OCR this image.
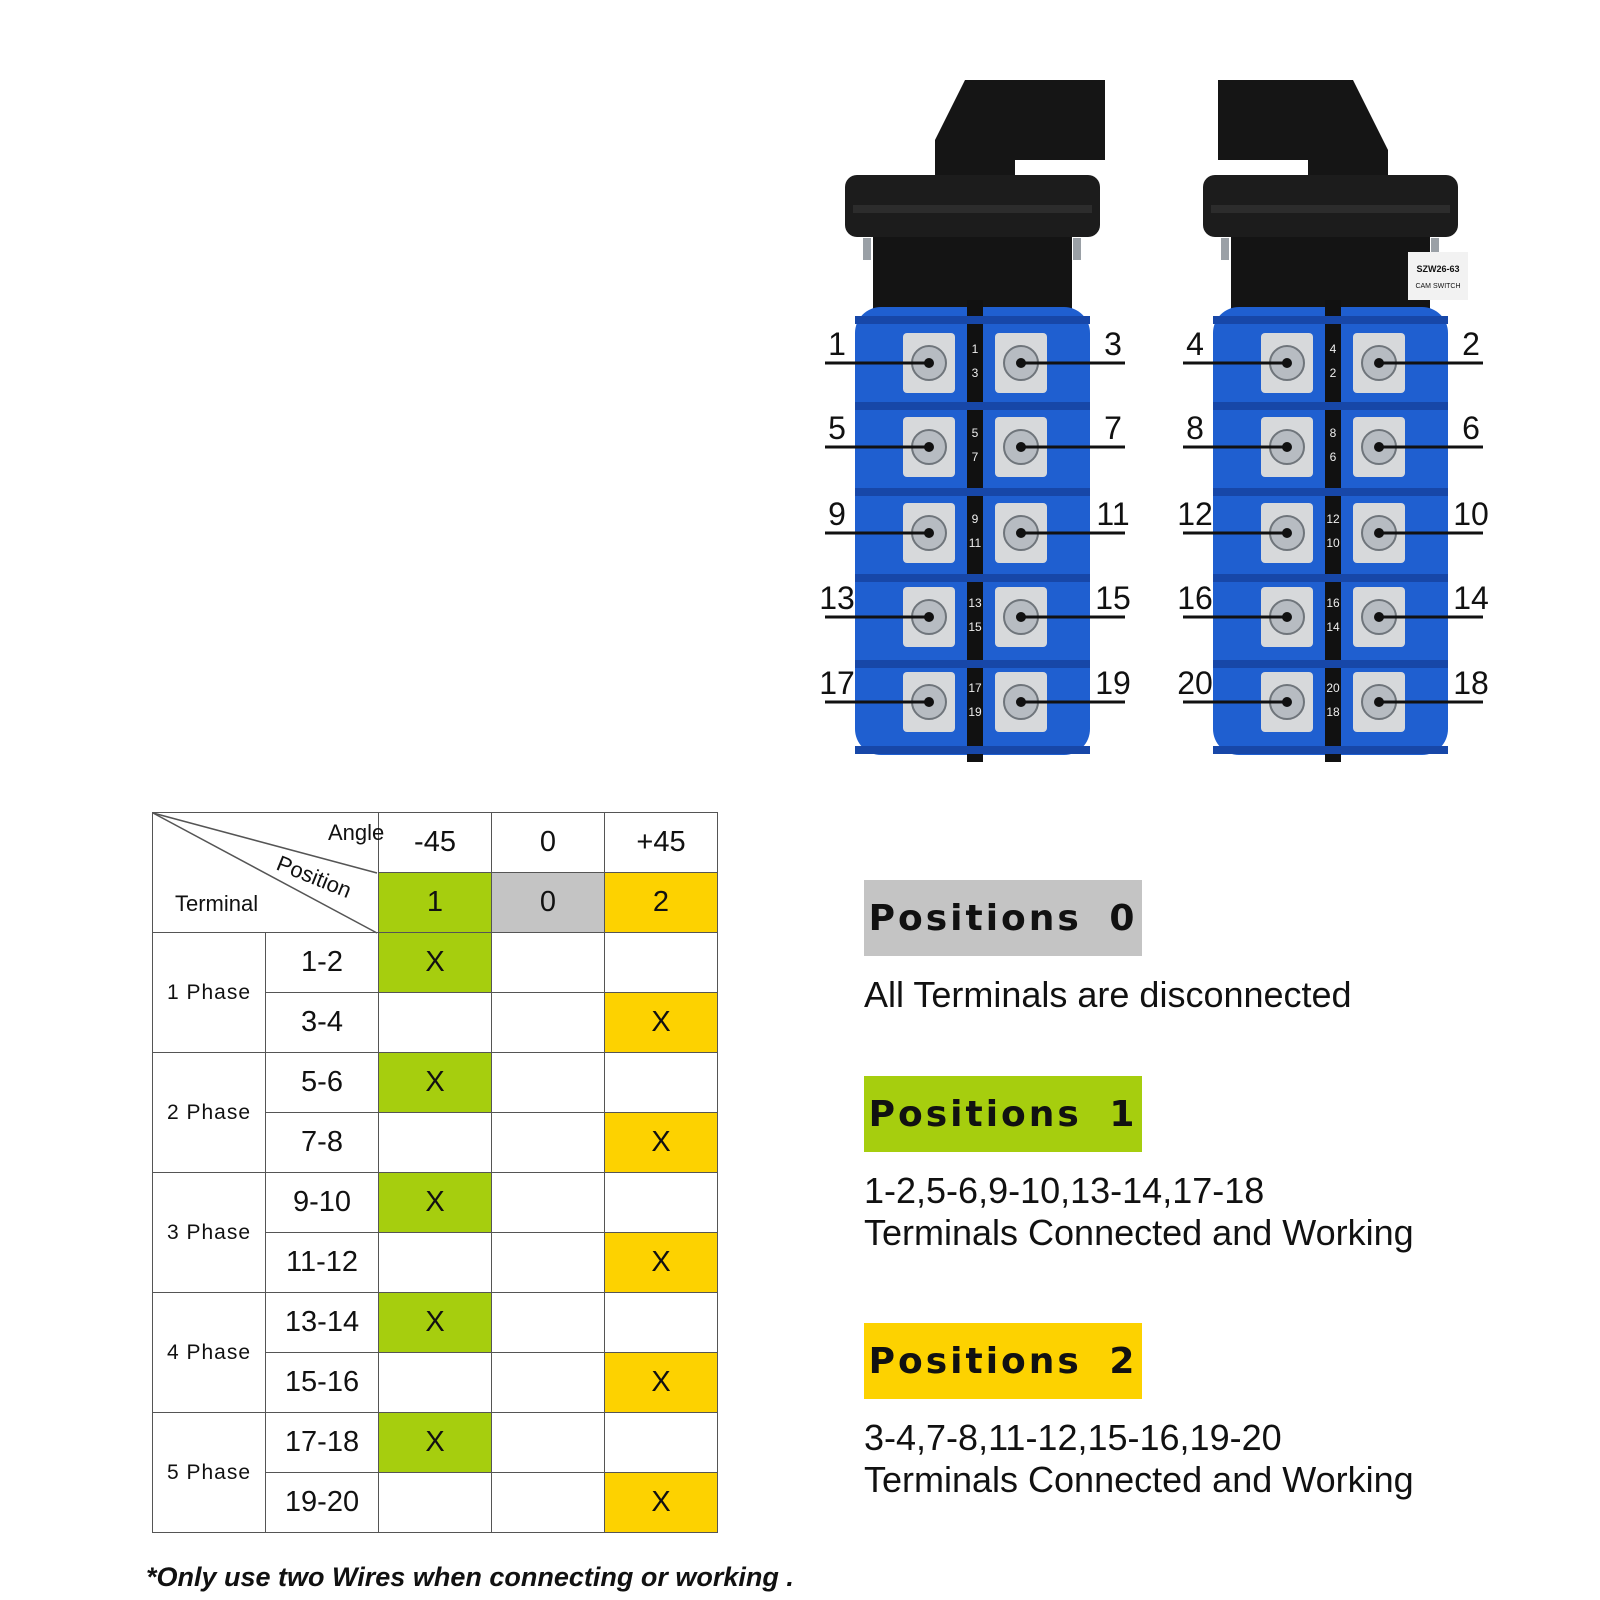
1
3
5
7
9
11
13
15
17
19
1	3
5	7
9	11
13	15
17	19
4
2
8
6
12
10
16
14
20
18
4	2
8	6
12	10
16	14
20	18
SZW26-63
CAM SWITCH
Angle
Position
Terminal		-45	0	+45
		1	0	2
1 Phase	1-2	X		
	3-4			X
2 Phase	5-6	X		
	7-8			X
3 Phase	9-10	X		
	11-12			X
4 Phase	13-14	X		
	15-16			X
5 Phase	17-18	X		
	19-20			X
*Only use two Wires when connecting or working .
Positions 0
All Terminals are disconnected
Positions 1
1-2,5-6,9-10,13-14,17-18
Terminals Connected and Working
Positions 2
3-4,7-8,11-12,15-16,19-20
Terminals Connected and Working
